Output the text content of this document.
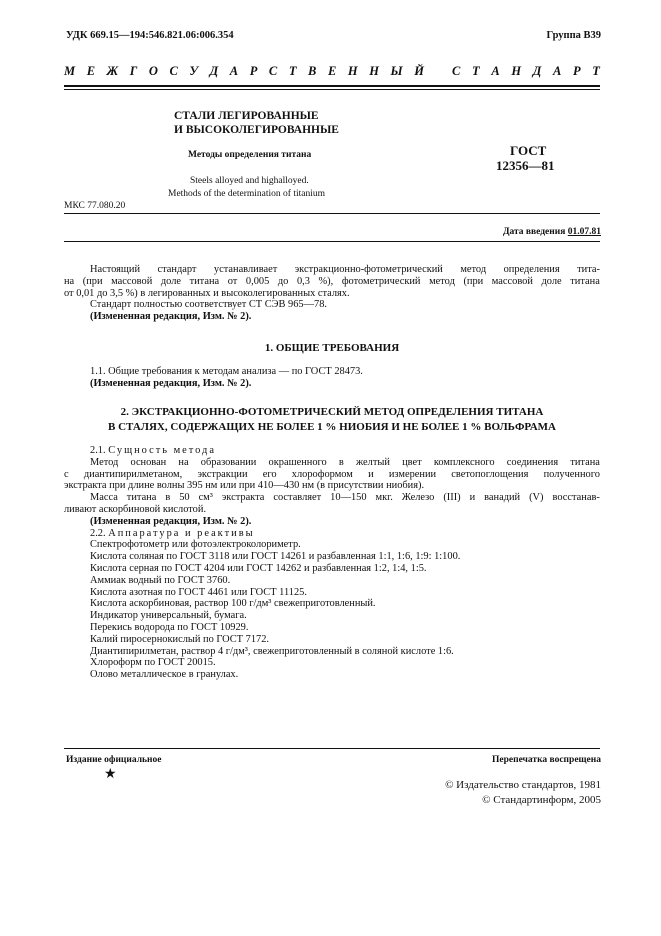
УДК 669.15—194:546.821.06:006.354	Группа В39
М Е Ж Г О С У Д А Р С Т В Е Н Н Ы Й С Т А Н Д А Р Т
СТАЛИ ЛЕГИРОВАННЫЕ
И ВЫСОКОЛЕГИРОВАННЫЕ
Методы определения титана	ГОСТ
12356—81
Steels alloyed and highalloyed.
Methods of the determination of titanium
МКС 77.080.20
Дата введения 01.07.81
Настоящий стандарт устанавливает экстракционно-фотометрический метод определения тита-
на (при массовой доле титана от 0,005 до 0,3 %), фотометрический метод (при массовой доле титана
от 0,01 до 3,5 %) в легированных и высоколегированных сталях.
Стандарт полностью соответствует СТ СЭВ 965—78.
(Измененная редакция, Изм. № 2).
1. ОБЩИЕ ТРЕБОВАНИЯ
1.1. Общие требования к методам анализа — по ГОСТ 28473.
(Измененная редакция, Изм. № 2).
2. ЭКСТРАКЦИОННО-ФОТОМЕТРИЧЕСКИЙ МЕТОД ОПРЕДЕЛЕНИЯ ТИТАНА
В СТАЛЯХ, СОДЕРЖАЩИХ НЕ БОЛЕЕ 1 % НИОБИЯ И НЕ БОЛЕЕ 1 % ВОЛЬФРАМА
2.1. Сущность метода
Метод основан на образовании окрашенного в желтый цвет комплексного соединения титана
с диантипирилметаном, экстракции его хлороформом и измерении светопоглощения полученного
экстракта при длине волны 395 нм или при 410—430 нм (в присутствии ниобия).
Масса титана в 50 см³ экстракта составляет 10—150 мкг. Железо (III) и ванадий (V) восстанав-
ливают аскорбиновой кислотой.
(Измененная редакция, Изм. № 2).
2.2. Аппаратура и реактивы
Спектрофотометр или фотоэлектроколориметр.
Кислота соляная по ГОСТ 3118 или ГОСТ 14261 и разбавленная 1:1, 1:6, 1:9: 1:100.
Кислота серная по ГОСТ 4204 или ГОСТ 14262 и разбавленная 1:2, 1:4, 1:5.
Аммиак водный по ГОСТ 3760.
Кислота азотная по ГОСТ 4461 или ГОСТ 11125.
Кислота аскорбиновая, раствор 100 г/дм³ свежеприготовленный.
Индикатор универсальный, бумага.
Перекись водорода по ГОСТ 10929.
Калий пиросернокислый по ГОСТ 7172.
Диантипирилметан, раствор 4 г/дм³, свежеприготовленный в соляной кислоте 1:6.
Хлороформ по ГОСТ 20015.
Олово металлическое в гранулах.
Издание официальное
★
Перепечатка воспрещена
© Издательство стандартов, 1981
© Стандартинформ, 2005
